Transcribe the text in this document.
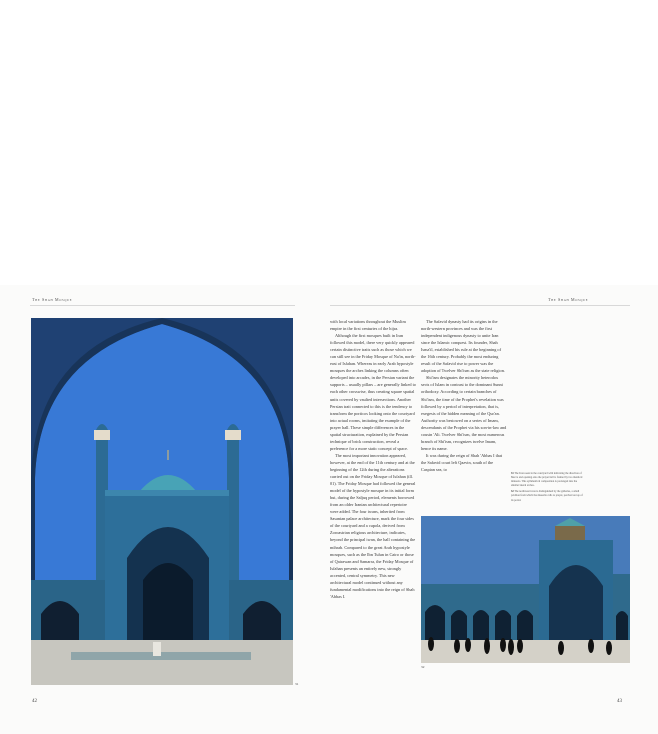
The Shah Mosque	The Shah Mosque
31

with local variations throughout the Muslim empire in the first centuries of the hijra.

Although the first mosques built in Iran followed this model, there very quickly appeared certain distinctive traits such as those which we can still see in the Friday Mosque of Na'in, north-east of Isfahan. Whereas in early Arab hypostyle mosques the arches linking the columns often developed into arcades, in the Persian variant the supports – usually pillars – are generally linked to each other crosswise, thus creating square spatial units covered by vaulted intersections. Another Persian trait connected to this is the tendency to transform the porticos looking onto the courtyard into actual rooms, imitating the example of the prayer hall. These simple differences in the spatial structuration, explained by the Persian technique of brick construction, reveal a preference for a more static concept of space.

The most important innovation appeared, however, at the end of the 11th century and at the beginning of the 12th during the alterations carried out on the Friday Mosque of Isfahan (ill. 01). The Friday Mosque had followed the general model of the hypostyle mosque in its initial form but, during the Saljuq period, elements borrowed from an older Iranian architectural repertoire were added. The four iwans, inherited from Sasanian palace architecture, mark the four sides of the courtyard and a cupola, derived from Zoroastrian religious architecture, indicates, beyond the principal iwan, the hall containing the mihrab. Compared to the great Arab hypostyle mosques, such as the Ibn Tulun in Cairo or those of Qairawan and Samarra, the Friday Mosque of Isfahan presents an entirely new, strongly accented, central symmetry. This new architectural model continued without any fundamental modifications into the reign of Shah 'Abbas I.

The Safavid dynasty had its origins in the north-western provinces and was the first independent indigenous dynasty to unite Iran since the Islamic conquest. Its founder, Shah Isma'il, established his rule at the beginning of the 16th century. Probably the most enduring result of the Safavid rise to power was the adoption of Twelver Shi'ism as the state religion.

Shi'ism designates the minority heterodox sects of Islam in contrast to the dominant Sunni orthodoxy. According to certain branches of Shi'ism, the time of the Prophet's revelation was followed by a period of interpretation, that is, exegesis of the hidden meaning of the Qur'an. Authority was bestowed on a series of Imam, descendants of the Prophet via his son-in-law and cousin 'Ali. Twelver Shi'ism, the most numerous branch of Shi'ism, recognizes twelve Imam, hence its name.

It was during the reign of Shah 'Abbas I that the Safavid court left Qazvin, south of the Caspian sea, to

31 The Iwan seen in the courtyard with indicating the direction of Mecca and opening onto the prayer hall is framed by two identical minarets. This symmetrical composition is prolonged into the smaller lateral arches.

32 The northwest iwan is distinguished by the galleries, a small pavilion from which the muezzin calls to prayer, perched on top of its portal.

32
42	43
